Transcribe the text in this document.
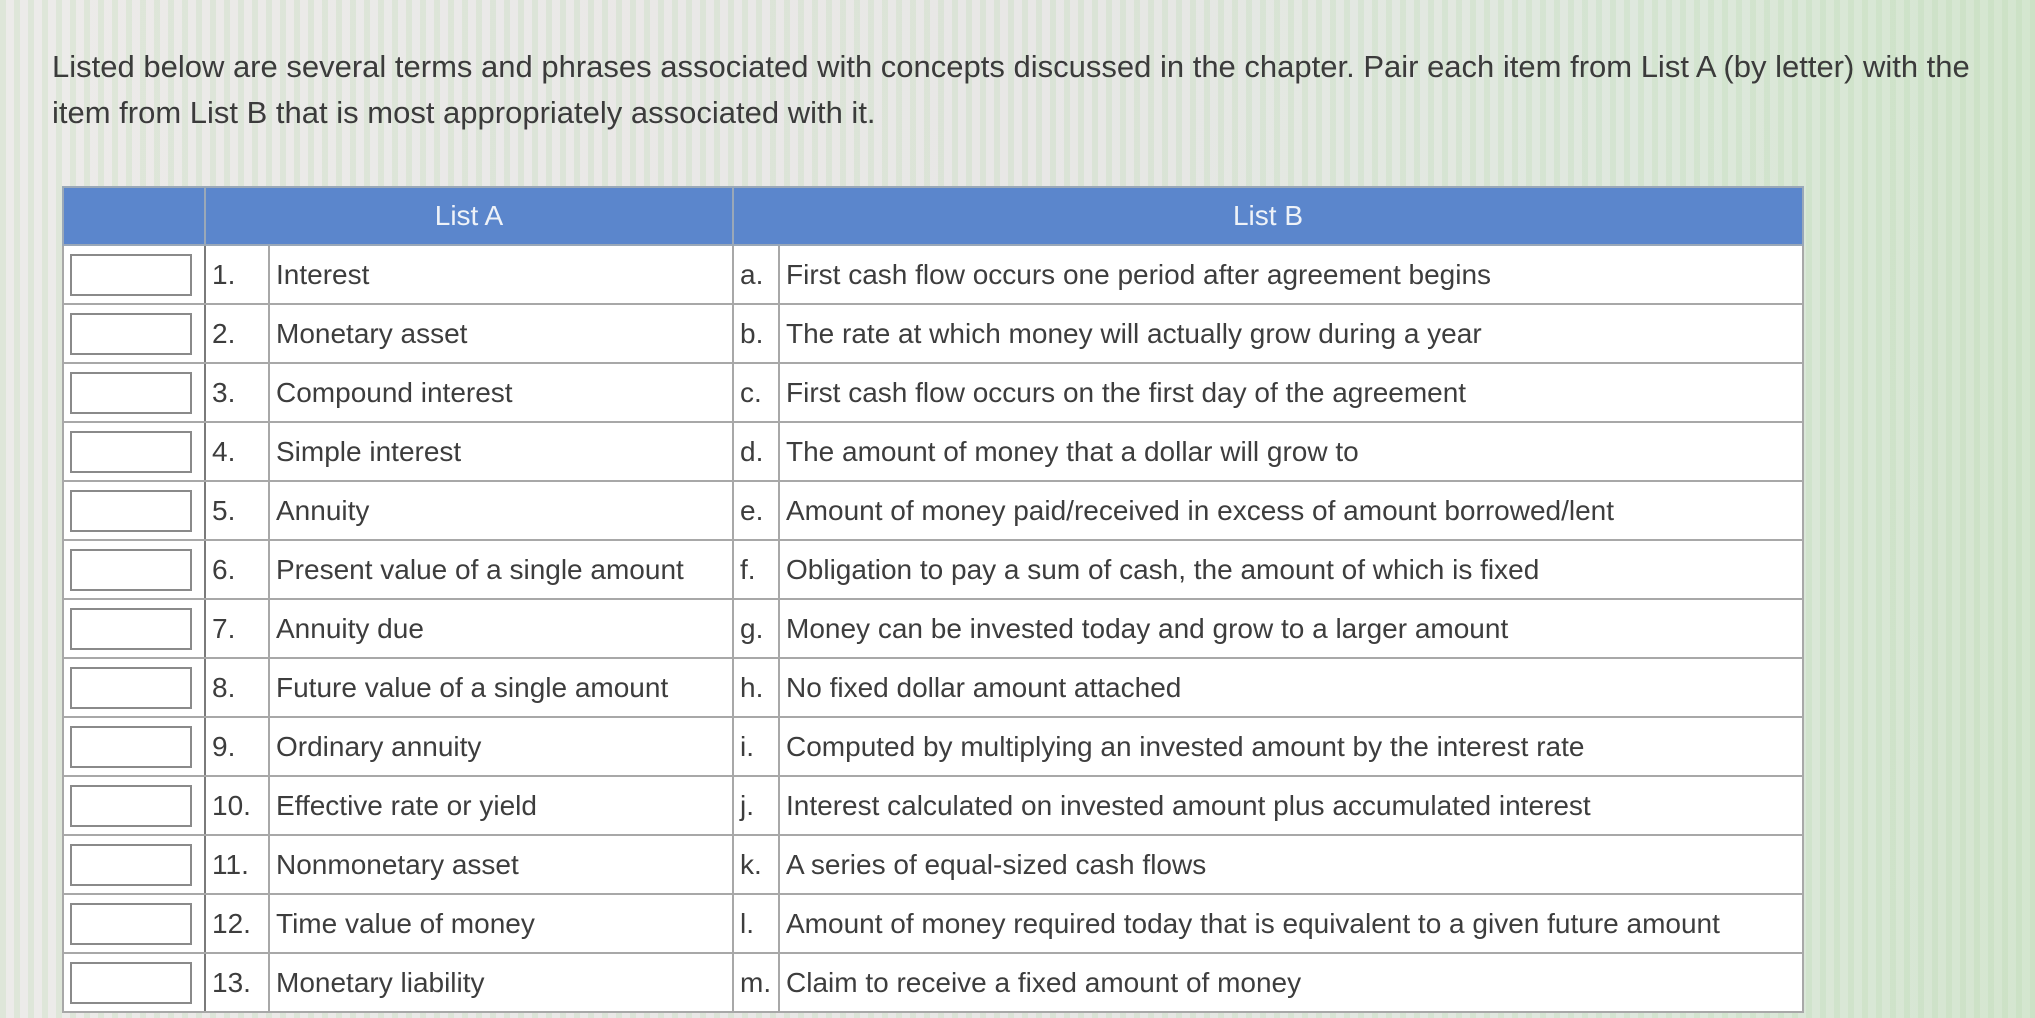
Listed below are several terms and phrases associated with concepts discussed in the chapter. Pair each item from List A (by letter) with the item from List B that is most appropriately associated with it.

	List A		List B	

	1.	Interest	a.	First cash flow occurs one period after agreement begins

	2.	Monetary asset	b.	The rate at which money will actually grow during a year

	3.	Compound interest	c.	First cash flow occurs on the first day of the agreement

	4.	Simple interest	d.	The amount of money that a dollar will grow to

	5.	Annuity	e.	Amount of money paid/received in excess of amount borrowed/lent

	6.	Present value of a single amount	f.	Obligation to pay a sum of cash, the amount of which is fixed

	7.	Annuity due	g.	Money can be invested today and grow to a larger amount

	8.	Future value of a single amount	h.	No fixed dollar amount attached

	9.	Ordinary annuity	i.	Computed by multiplying an invested amount by the interest rate

	10.	Effective rate or yield	j.	Interest calculated on invested amount plus accumulated interest

	11.	Nonmonetary asset	k.	A series of equal-sized cash flows

	12.	Time value of money	l.	Amount of money required today that is equivalent to a given future amount

	13.	Monetary liability	m.	Claim to receive a fixed amount of money
